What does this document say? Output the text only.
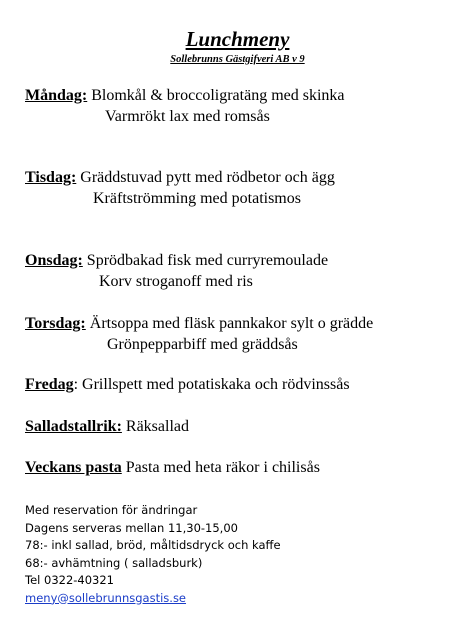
Lunchmeny
Sollebrunns Gästgifveri AB v 9
Måndag: Blomkål & broccoligratäng med skinka
Varmrökt lax med romsås
Tisdag: Gräddstuvad pytt med rödbetor och ägg
Kräftströmming med potatismos
Onsdag: Sprödbakad fisk med curryremoulade
Korv stroganoff med ris
Torsdag: Ärtsoppa med fläsk pannkakor sylt o grädde
Grönpepparbiff med gräddsås
Fredag: Grillspett med potatiskaka och rödvinssås
Salladstallrik: Räksallad
Veckans pasta Pasta med heta räkor i chilisås
Med reservation för ändringar
Dagens serveras mellan 11,30-15,00
78:- inkl sallad, bröd, måltidsdryck och kaffe
68:- avhämtning ( salladsburk)
Tel 0322-40321
meny@sollebrunnsgastis.se
